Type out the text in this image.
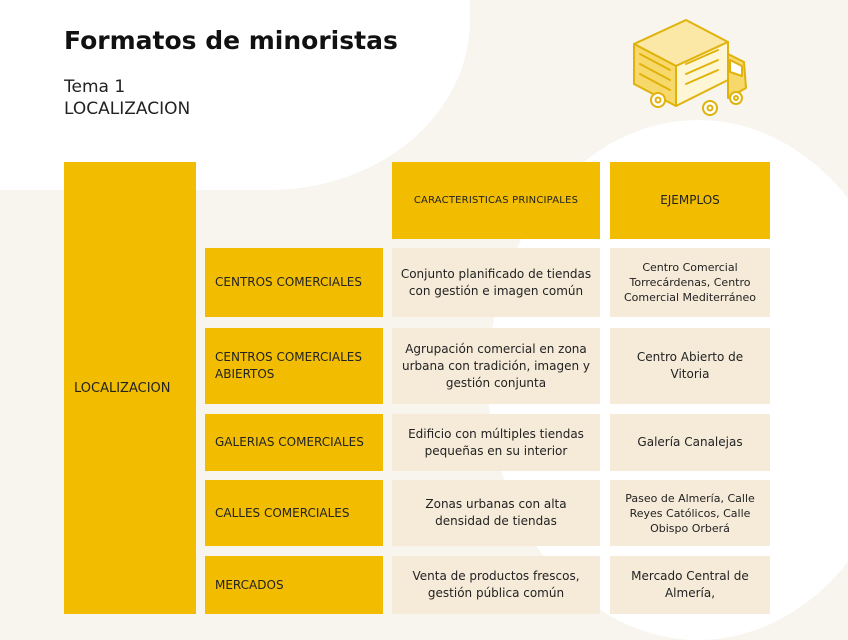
Formatos de minoristas
Tema 1
LOCALIZACION
LOCALIZACION
CARACTERISTICAS PRINCIPALES	EJEMPLOS
CENTROS COMERCIALES
Conjunto planificado de tiendas con gestión e imagen común
Centro Comercial Torrecárdenas, Centro Comercial Mediterráneo
CENTROS COMERCIALES ABIERTOS
Agrupación comercial en zona urbana con tradición, imagen y gestión conjunta
Centro Abierto de Vitoria
GALERIAS COMERCIALES
Edificio con múltiples tiendas pequeñas en su interior
Galería Canalejas
CALLES COMERCIALES
Zonas urbanas con alta densidad de tiendas
Paseo de Almería, Calle Reyes Católicos, Calle Obispo Orberá
MERCADOS
Venta de productos frescos, gestión pública común
Mercado Central de Almería,
